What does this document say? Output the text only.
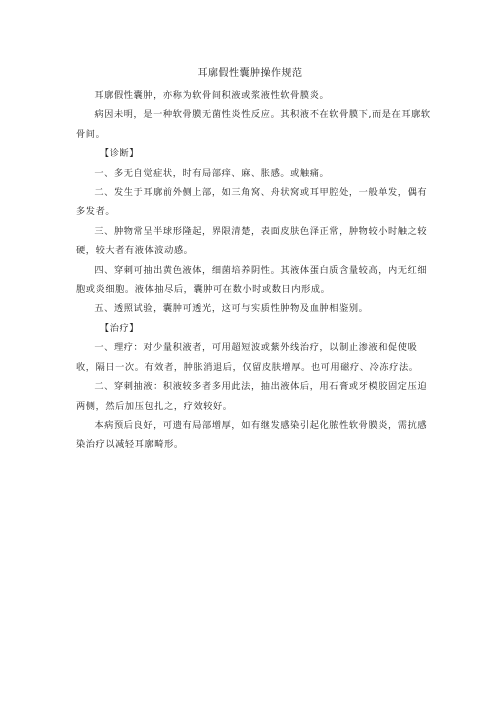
耳廓假性囊肿操作规范

耳廓假性囊肿，亦称为软骨间积液或浆液性软骨膜炎。

病因未明，是一种软骨膜无菌性炎性反应。其积液不在软骨膜下,而是在耳廓软骨间。

【诊断】

一、多无自觉症状，时有局部痒、麻、胀感。或触痛。

二、发生于耳廓前外侧上部，如三角窝、舟状窝或耳甲腔处，一般单发，偶有多发者。

三、肿物常呈半球形隆起，界限清楚，表面皮肤色泽正常，肿物较小时触之较硬，较大者有液体波动感。

四、穿刺可抽出黄色液体，细菌培养阴性。其液体蛋白质含量较高，内无红细胞或炎细胞。液体抽尽后，囊肿可在数小时或数日内形成。

五、透照试验，囊肿可透光，这可与实质性肿物及血肿相鉴别。

【治疗】

一、理疗：对少量积液者，可用超短波或紫外线治疗，以制止渗液和促使吸收，隔日一次。有效者，肿胀消退后，仅留皮肤增厚。也可用磁疗、冷冻疗法。

二、穿刺抽液：积液较多者多用此法，抽出液体后，用石膏或牙模胶固定压迫两侧，然后加压包扎之，疗效较好。

本病预后良好，可遗有局部增厚，如有继发感染引起化脓性软骨膜炎，需抗感染治疗以减轻耳廓畸形。
